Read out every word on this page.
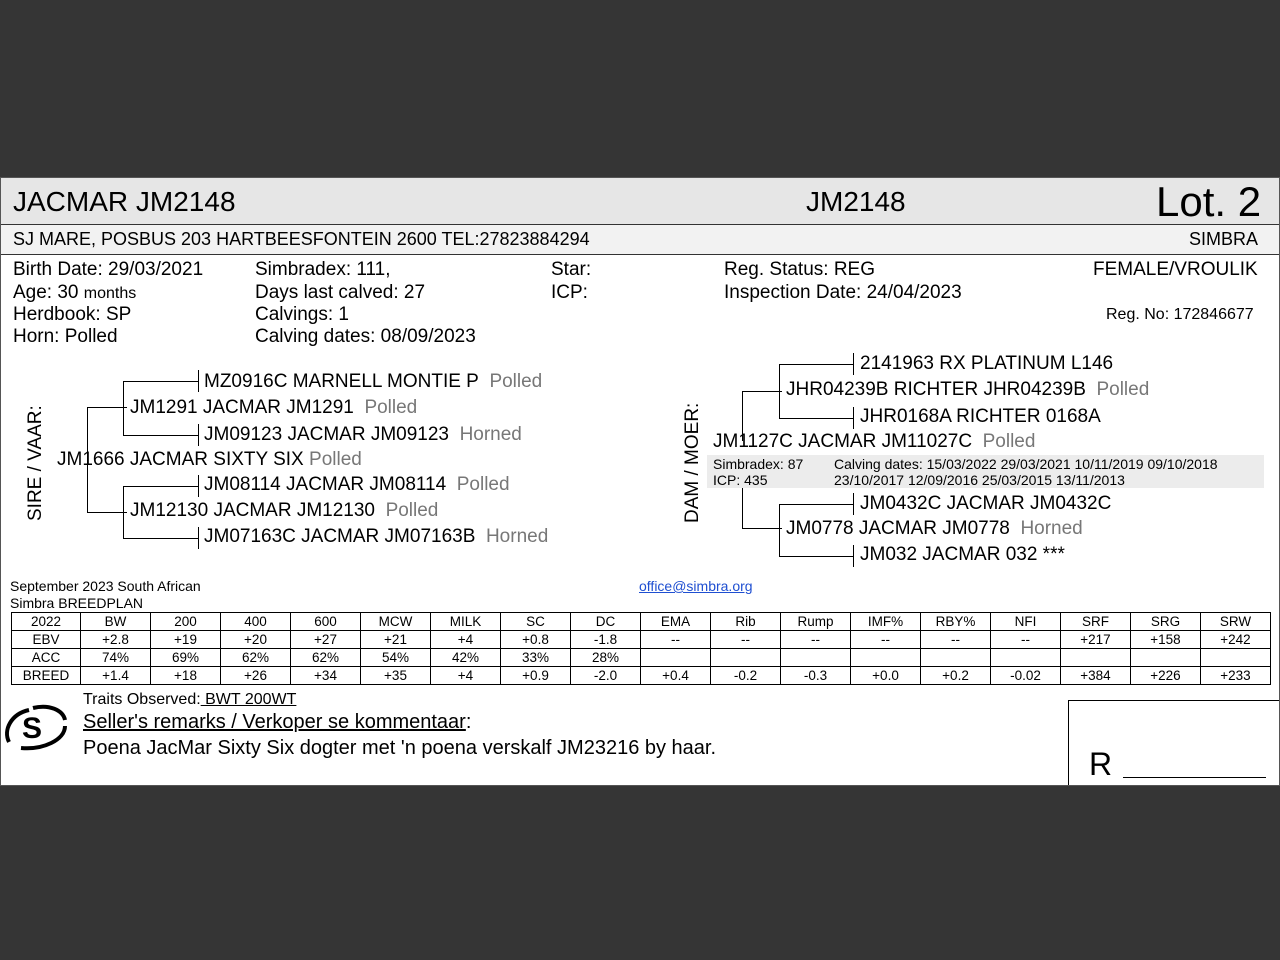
JACMAR JM2148	JM2148	Lot. 2
SJ MARE, POSBUS 203 HARTBEESFONTEIN 2600 TEL:27823884294	SIMBRA
Birth Date: 29/03/2021
Age: 30 months
Herdbook: SP
Horn: Polled
Simbradex: 111,
Days last calved: 27
Calvings: 1
Calving dates: 08/09/2023
Star:
ICP:
Reg. Status: REG
Inspection Date: 24/04/2023
FEMALE/VROULIK
Reg. No: 172846677
SIRE / VAAR:
MZ0916C MARNELL MONTIE P Polled
JM1291 JACMAR JM1291 Polled
JM09123 JACMAR JM09123 Horned
JM1666 JACMAR SIXTY SIX Polled
JM08114 JACMAR JM08114 Polled
JM12130 JACMAR JM12130 Polled
JM07163C JACMAR JM07163B Horned
DAM / MOER:
2141963 RX PLATINUM L146
JHR04239B RICHTER JHR04239B Polled
JHR0168A RICHTER 0168A
JM1127C JACMAR JM11027C Polled
Simbradex: 87
ICP: 435
Calving dates: 15/03/2022 29/03/2021 10/11/2019 09/10/2018
23/10/2017 12/09/2016 25/03/2015 13/11/2013
JM0432C JACMAR JM0432C
JM0778 JACMAR JM0778 Horned
JM032 JACMAR 032 ***
September 2023 South African
Simbra BREEDPLAN
office@simbra.org
2022	BW	200	400	600	MCW	MILK	SC	DC	EMA	Rib	Rump	IMF%	RBY%	NFI	SRF	SRG	SRW
EBV	+2.8	+19	+20	+27	+21	+4	+0.8	-1.8	--	--	--	--	--	--	+217	+158	+242
ACC	74%	69%	62%	62%	54%	42%	33%	28%									
BREED	+1.4	+18	+26	+34	+35	+4	+0.9	-2.0	+0.4	-0.2	-0.3	+0.0	+0.2	-0.02	+384	+226	+233
S
Traits Observed: BWT 200WT
Seller's remarks / Verkoper se kommentaar:
Poena JacMar Sixty Six dogter met 'n poena verskalf JM23216 by haar.	R
